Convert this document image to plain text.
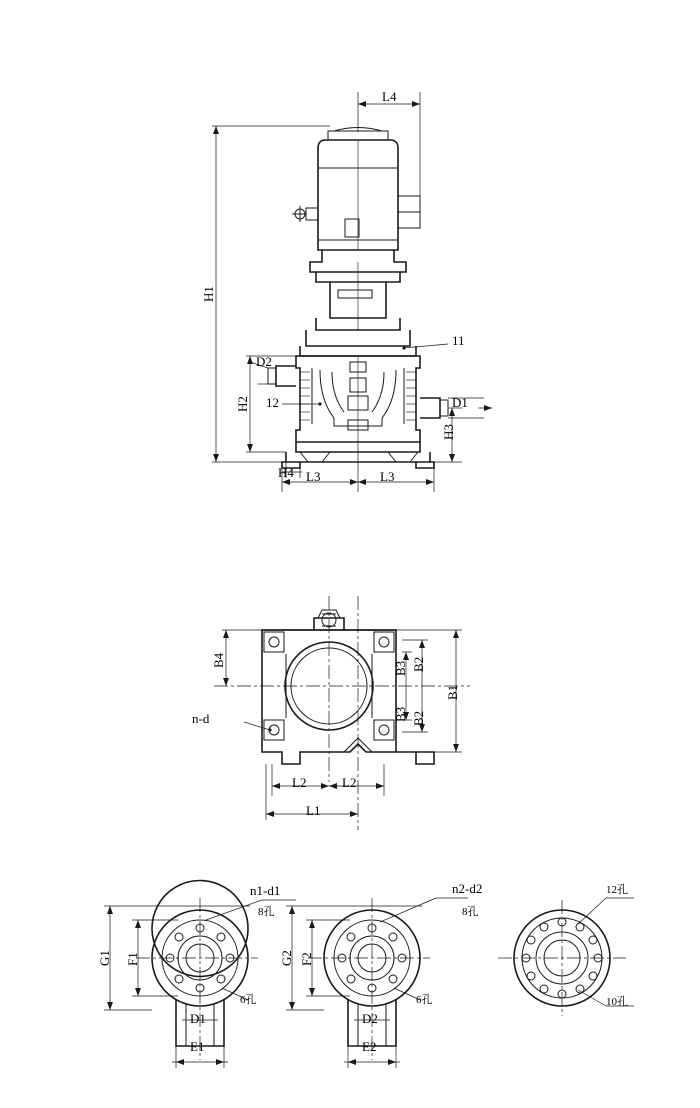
L4
H1
H2
H3
H4
D1
D2
L3	L3
11
12
B4
B3
B3
B2
B2
B1
L2	L2
L1
n-d
G1 F1
D1
E1
n1-d1
8孔
6孔
G2 F2
D2
E2
n2-d2
8孔
6孔
12孔
10孔
